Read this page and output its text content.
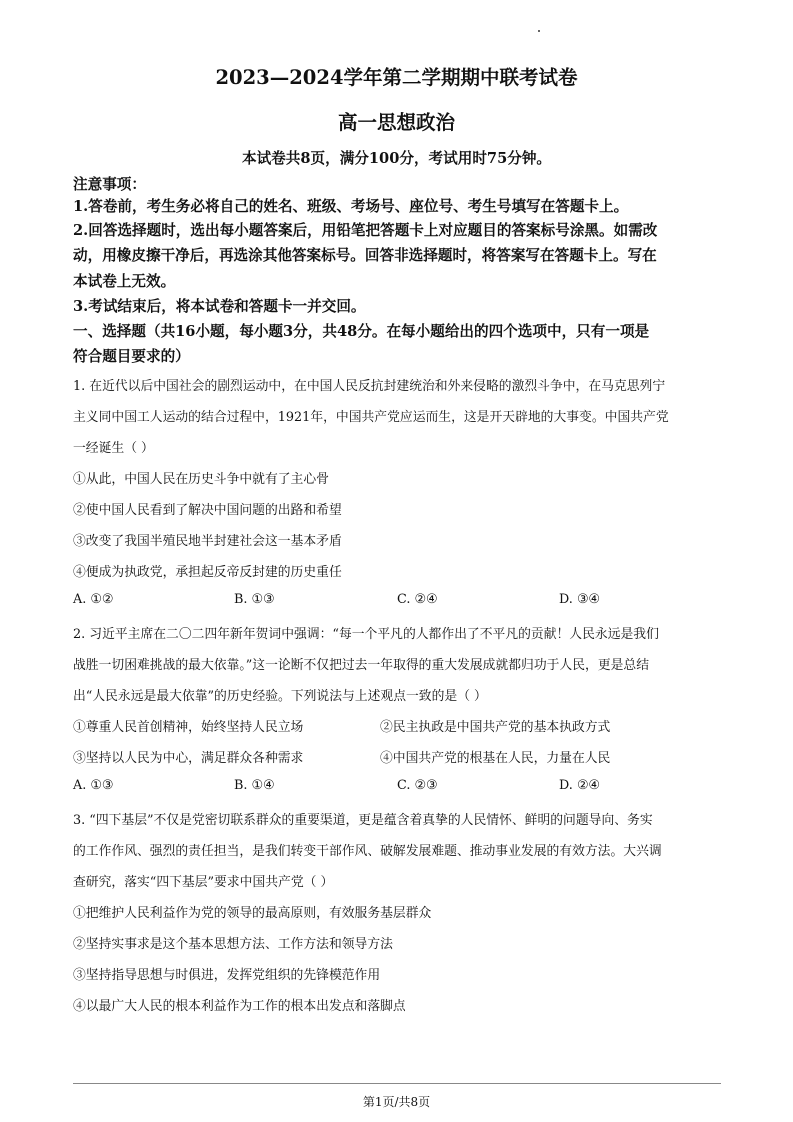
2023—2024学年第二学期期中联考试卷
高一思想政治
本试卷共8页，满分100分，考试用时75分钟。
注意事项：
1.答卷前，考生务必将自己的姓名、班级、考场号、座位号、考生号填写在答题卡上。
2.回答选择题时，选出每小题答案后，用铅笔把答题卡上对应题目的答案标号涂黑。如需改
动，用橡皮擦干净后，再选涂其他答案标号。回答非选择题时，将答案写在答题卡上。写在
本试卷上无效。
3.考试结束后，将本试卷和答题卡一并交回。
一、选择题（共16小题，每小题3分，共48分。在每小题给出的四个选项中，只有一项是
符合题目要求的）
1. 在近代以后中国社会的剧烈运动中，在中国人民反抗封建统治和外来侵略的激烈斗争中，在马克思列宁
主义同中国工人运动的结合过程中，1921年，中国共产党应运而生，这是开天辟地的大事变。中国共产党
一经诞生（ ）
①从此，中国人民在历史斗争中就有了主心骨
②使中国人民看到了解决中国问题的出路和希望
③改变了我国半殖民地半封建社会这一基本矛盾
④便成为执政党，承担起反帝反封建的历史重任
A. ①②	B. ①③	C. ②④	D. ③④
2. 习近平主席在二〇二四年新年贺词中强调：“每一个平凡的人都作出了不平凡的贡献！人民永远是我们
战胜一切困难挑战的最大依靠。”这一论断不仅把过去一年取得的重大发展成就都归功于人民，更是总结
出“人民永远是最大依靠”的历史经验。下列说法与上述观点一致的是（ ）
①尊重人民首创精神，始终坚持人民立场	②民主执政是中国共产党的基本执政方式
③坚持以人民为中心，满足群众各种需求	④中国共产党的根基在人民，力量在人民
A. ①③	B. ①④	C. ②③	D. ②④
3. “四下基层”不仅是党密切联系群众的重要渠道，更是蕴含着真挚的人民情怀、鲜明的问题导向、务实
的工作作风、强烈的责任担当，是我们转变干部作风、破解发展难题、推动事业发展的有效方法。大兴调
查研究，落实“四下基层”要求中国共产党（ ）
①把维护人民利益作为党的领导的最高原则，有效服务基层群众
②坚持实事求是这个基本思想方法、工作方法和领导方法
③坚持指导思想与时俱进，发挥党组织的先锋模范作用
④以最广大人民的根本利益作为工作的根本出发点和落脚点
第1页/共8页
